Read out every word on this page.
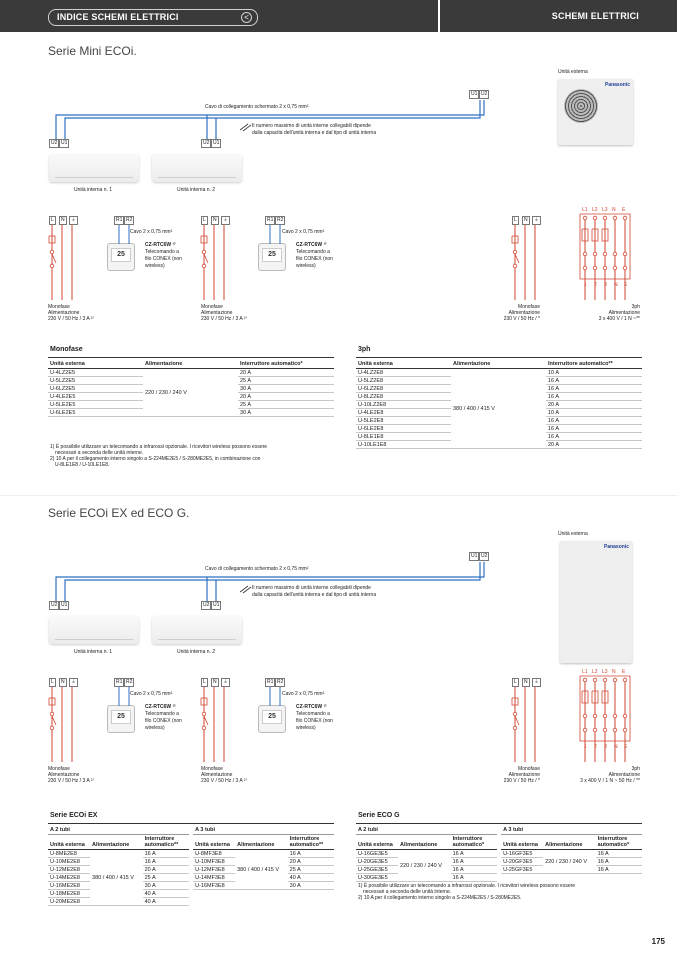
INDICE SCHEMI ELETTRICI	<	SCHEMI ELETTRICI
Serie Mini ECOi.
Unità esterna
Panasonic
U1 U2
U2 U1	U2 U1
Cavo di collegamento schermato 2 x 0,75 mm²
Il numero massimo di unità interne collegabili dipende
dalla capacità dell'unità interna e dal tipo di unità interna
Unità interna n. 1	Unità interna n. 2
L	N	⏚	L	N	⏚	L	N	⏚
R1 R2	R1 R2
L1
1
L2
2
L3
3
N
N
E
E
Cavo 2 x 0,75 mm²
25
CZ-RTC6W ¹⁾
Telecomando a
filo CONEX (non
wireless)
Cavo 2 x 0,75 mm²
25
CZ-RTC6W ¹⁾
Telecomando a
filo CONEX (non
wireless)
Monofase
Alimentazione
230 V / 50 Hz / 3 A ²⁾
Monofase
Alimentazione
230 V / 50 Hz / 3 A ²⁾
Monofase
Alimentazione
230 V / 50 Hz / *
3ph
Alimentazione
3 x 400 V / 1 N ~**
Serie ECOi EX ed ECO G.
Unità esterna
Panasonic
U1 U2
U2 U1	U2 U1
Cavo di collegamento schermato 2 x 0,75 mm²
Il numero massimo di unità interne collegabili dipende
dalla capacità dell'unità interna e dal tipo di unità interna
Unità interna n. 1	Unità interna n. 2
L	N	⏚	L	N	⏚	L	N	⏚
R1 R2	R1 R2
L1
1
L2
2
L3
3
N
N
E
E
Cavo 2 x 0,75 mm²
25
CZ-RTC6W ¹⁾
Telecomando a
filo CONEX (non
wireless)
Cavo 2 x 0,75 mm²
25
CZ-RTC6W ¹⁾
Telecomando a
filo CONEX (non
wireless)
Monofase
Alimentazione
230 V / 50 Hz / 3 A ²⁾
Monofase
Alimentazione
230 V / 50 Hz / 3 A ²⁾
Monofase
Alimentazione
230 V / 50 Hz / *
3ph
Alimentazione
3 x 400 V / 1 N ~ 50 Hz / **
Monofase
Unità esterna	Alimentazione	Interruttore automatico*
U-4LZ2E5	220 / 230 / 240 V	20 A
U-5LZ2E5		25 A
U-6LZ2E5		30 A
U-4LE2E5		20 A
U-5LE2E5		25 A
U-6LE2E5		30 A
1) È possibile utilizzare un telecomando a infrarossi opzionale. I ricevitori wireless possono essere
necessari a seconda delle unità interne.
2) 10 A per il collegamento interno singolo a S-224ME2E5 / S-280ME2E5, in combinazione con
U-8LE1E8 / U-10LE1E8.
3ph
Unità esterna	Alimentazione	Interruttore automatico**
U-4LZ2E8	380 / 400 / 415 V	10 A
U-5LZ2E8		16 A
U-6LZ2E8		16 A
U-8LZ2E8		16 A
U-10LZ2E8		20 A
U-4LE2E8		10 A
U-5LE2E8		16 A
U-6LE2E8		16 A
U-8LE1E8		16 A
U-10LE1E8		20 A
Serie ECOi EX
A 2 tubi				A 3 tubi		
Unità esterna	Alimentazione	Interruttore automatico**		Unità esterna	Alimentazione	Interruttore automatico**
U-8ME2E8	380 / 400 / 415 V	16 A		U-8MF3E8	380 / 400 / 415 V	16 A
U-10ME2E8		16 A		U-10MF3E8		20 A
U-12ME2E8		20 A		U-12MF3E8		25 A
U-14ME2E8		25 A		U-14MF3E8		40 A
U-16ME2E8		30 A		U-16MF3E8		30 A
U-18ME2E8		40 A				
U-20ME2E8		40 A				
Serie ECO G
A 2 tubi				A 3 tubi		
Unità esterna	Alimentazione	Interruttore automatico*		Unità esterna	Alimentazione	Interruttore automatico*
U-16GE3E5	220 / 230 / 240 V	16 A		U-16GF3E5	220 / 230 / 240 V	16 A
U-20GE3E5		16 A		U-20GF3E5		16 A
U-25GE3E5		16 A		U-25GF3E5		16 A
U-30GE3E5		16 A				
1) È possibile utilizzare un telecomando a infrarossi opzionale. I ricevitori wireless possono essere
necessari a seconda delle unità interne.
2) 10 A per il collegamento interno singolo a S-224ME2E5 / S-280ME2E5.
175
